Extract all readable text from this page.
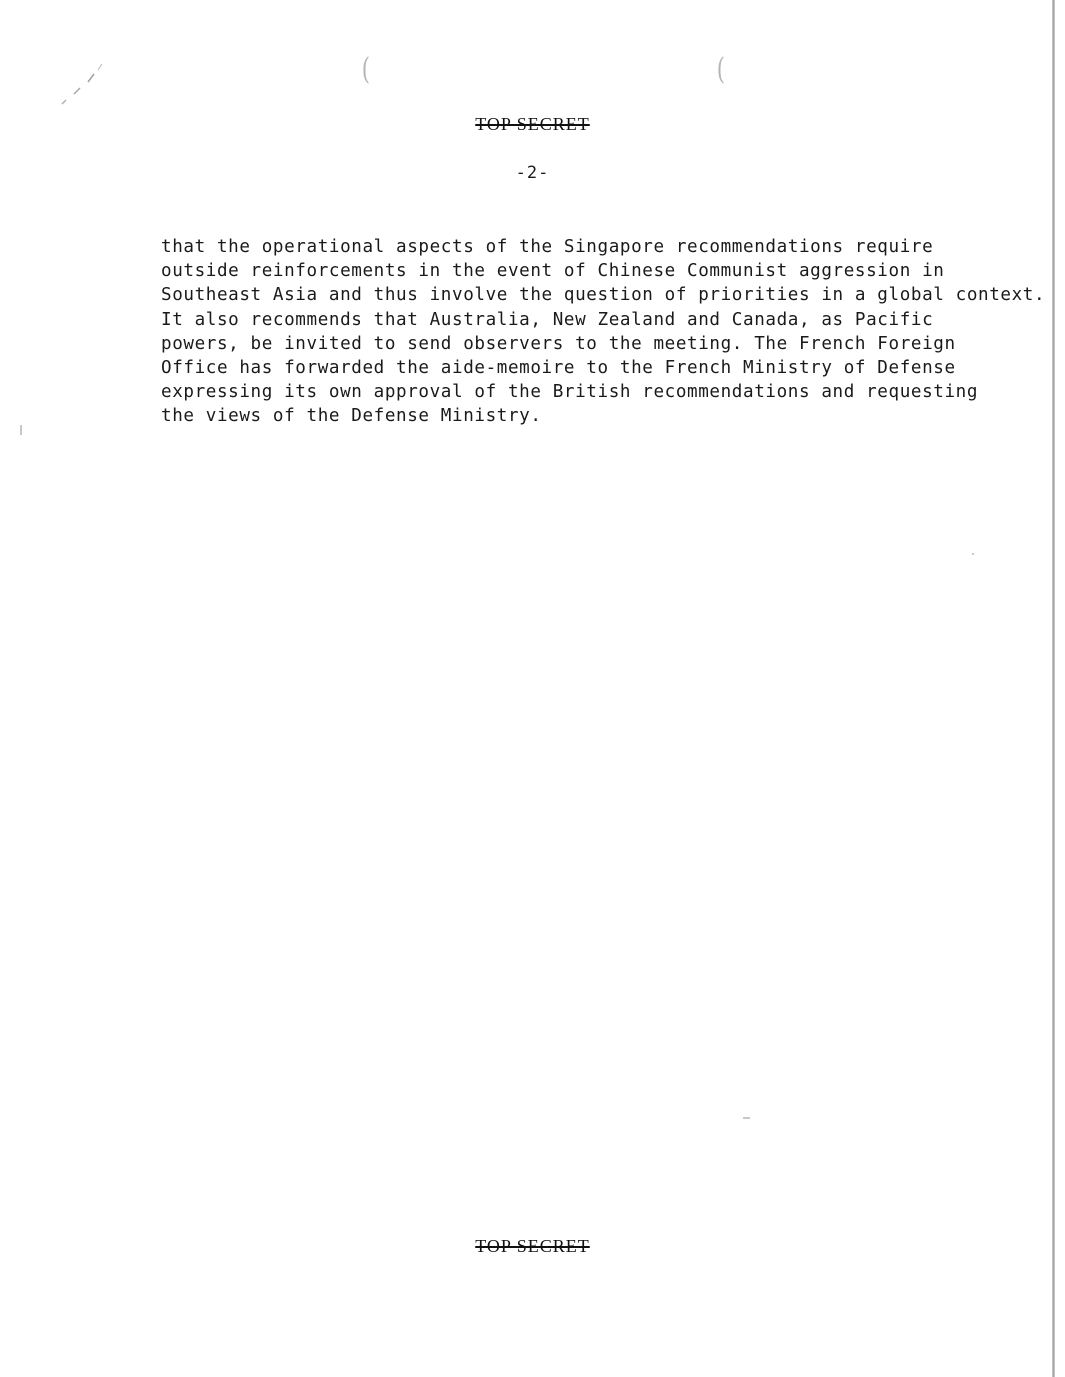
(	(
TOP SECRET
-2-
that the operational aspects of the Singapore recommendations require
outside reinforcements in the event of Chinese Communist aggression in
Southeast Asia and thus involve the question of priorities in a global context.
It also recommends that Australia, New Zealand and Canada, as Pacific
powers, be invited to send observers to the meeting. The French Foreign
Office has forwarded the aide-memoire to the French Ministry of Defense
expressing its own approval of the British recommendations and requesting
the views of the Defense Ministry.
TOP SECRET
